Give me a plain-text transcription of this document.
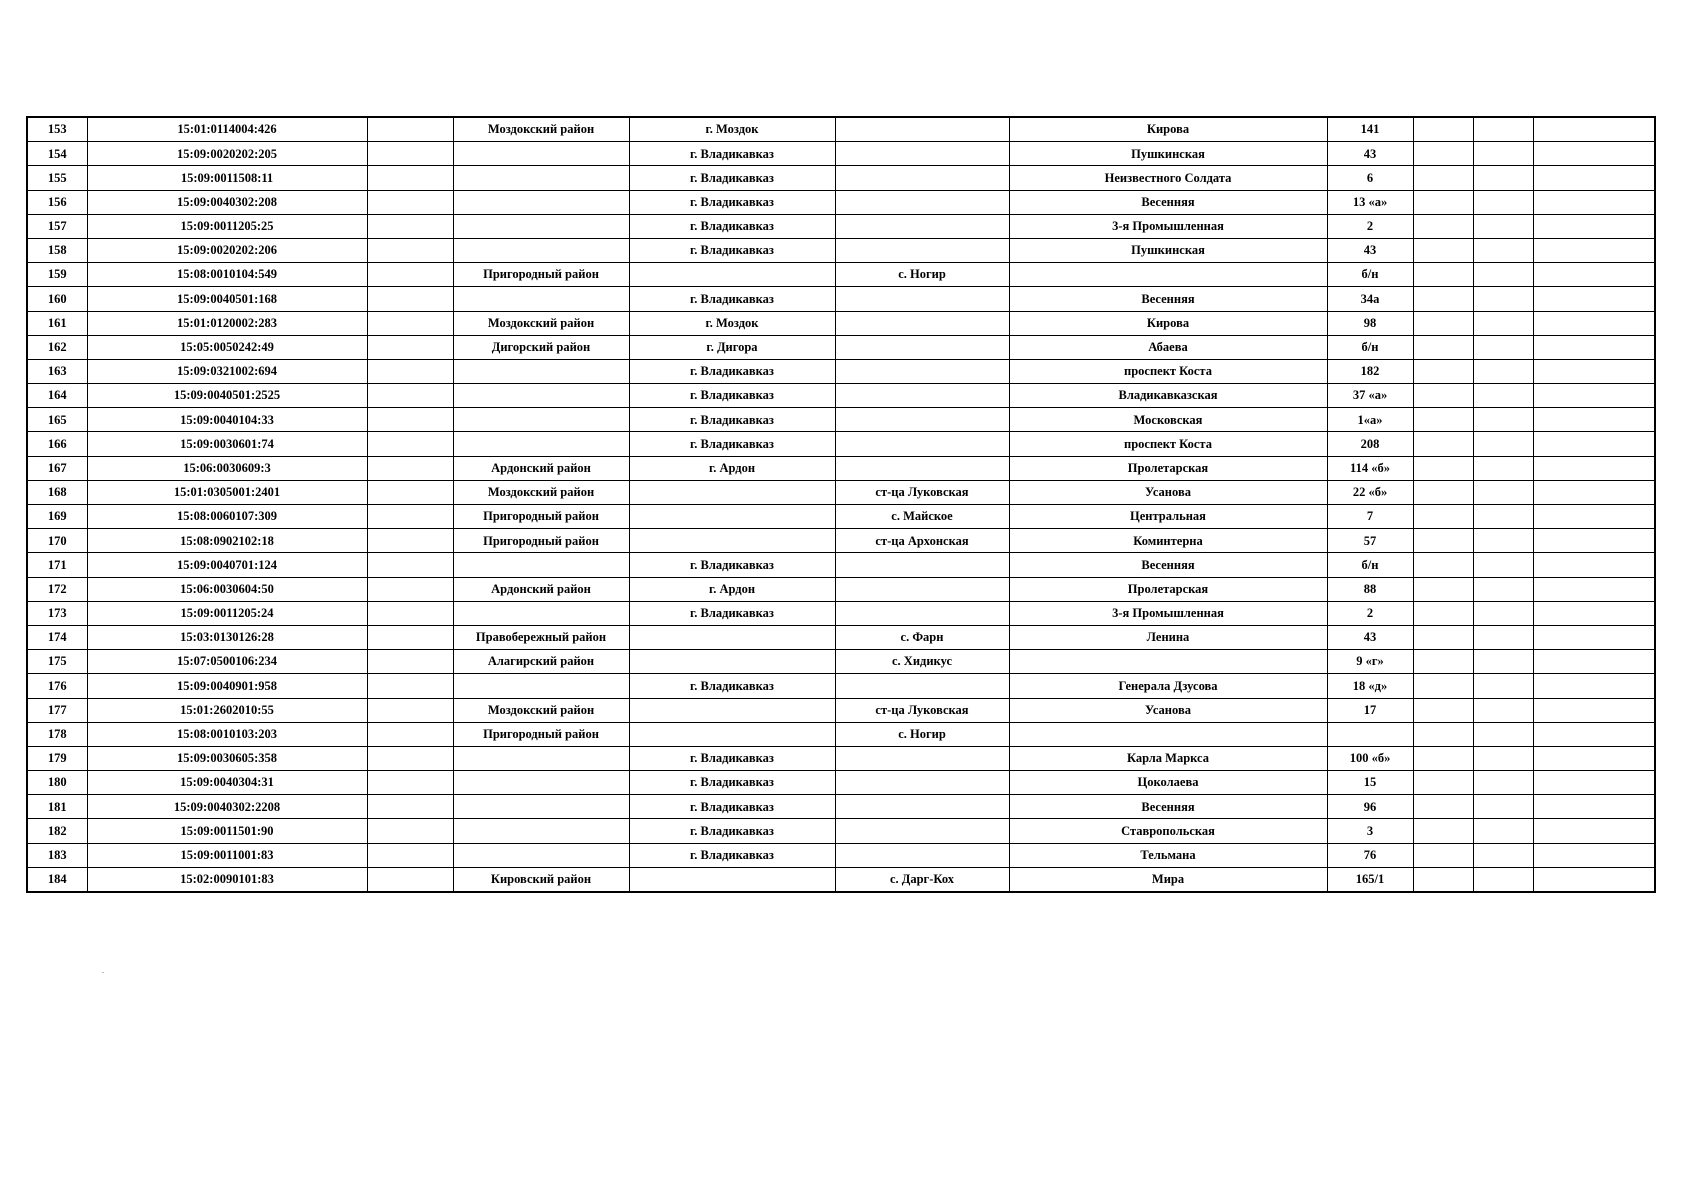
153	15:01:0114004:426		Моздокский район	г. Моздок		Кирова	141			
154	15:09:0020202:205			г. Владикавказ		Пушкинская	43			
155	15:09:0011508:11			г. Владикавказ		Неизвестного Солдата	6			
156	15:09:0040302:208			г. Владикавказ		Весенняя	13 «а»			
157	15:09:0011205:25			г. Владикавказ		3-я Промышленная	2			
158	15:09:0020202:206			г. Владикавказ		Пушкинская	43			
159	15:08:0010104:549		Пригородный район		с. Ногир		б/н			
160	15:09:0040501:168			г. Владикавказ		Весенняя	34а			
161	15:01:0120002:283		Моздокский район	г. Моздок		Кирова	98			
162	15:05:0050242:49		Дигорский район	г. Дигора		Абаева	б/н			
163	15:09:0321002:694			г. Владикавказ		проспект Коста	182			
164	15:09:0040501:2525			г. Владикавказ		Владикавказская	37 «а»			
165	15:09:0040104:33			г. Владикавказ		Московская	1«а»			
166	15:09:0030601:74			г. Владикавказ		проспект Коста	208			
167	15:06:0030609:3		Ардонский район	г. Ардон		Пролетарская	114 «б»			
168	15:01:0305001:2401		Моздокский район		ст-ца Луковская	Усанова	22 «б»			
169	15:08:0060107:309		Пригородный район		с. Майское	Центральная	7			
170	15:08:0902102:18		Пригородный район		ст-ца Архонская	Коминтерна	57			
171	15:09:0040701:124			г. Владикавказ		Весенняя	б/н			
172	15:06:0030604:50		Ардонский район	г. Ардон		Пролетарская	88			
173	15:09:0011205:24			г. Владикавказ		3-я Промышленная	2			
174	15:03:0130126:28		Правобережный район		с. Фарн	Ленина	43			
175	15:07:0500106:234		Алагирский район		с. Хидикус		9 «г»			
176	15:09:0040901:958			г. Владикавказ		Генерала Дзусова	18 «д»			
177	15:01:2602010:55		Моздокский район		ст-ца Луковская	Усанова	17			
178	15:08:0010103:203		Пригородный район		с. Ногир					
179	15:09:0030605:358			г. Владикавказ		Карла Маркса	100 «б»			
180	15:09:0040304:31			г. Владикавказ		Цоколаева	15			
181	15:09:0040302:2208			г. Владикавказ		Весенняя	96			
182	15:09:0011501:90			г. Владикавказ		Ставропольская	3			
183	15:09:0011001:83			г. Владикавказ		Тельмана	76			
184	15:02:0090101:83		Кировский район		с. Дарг-Кох	Мира	165/1			
